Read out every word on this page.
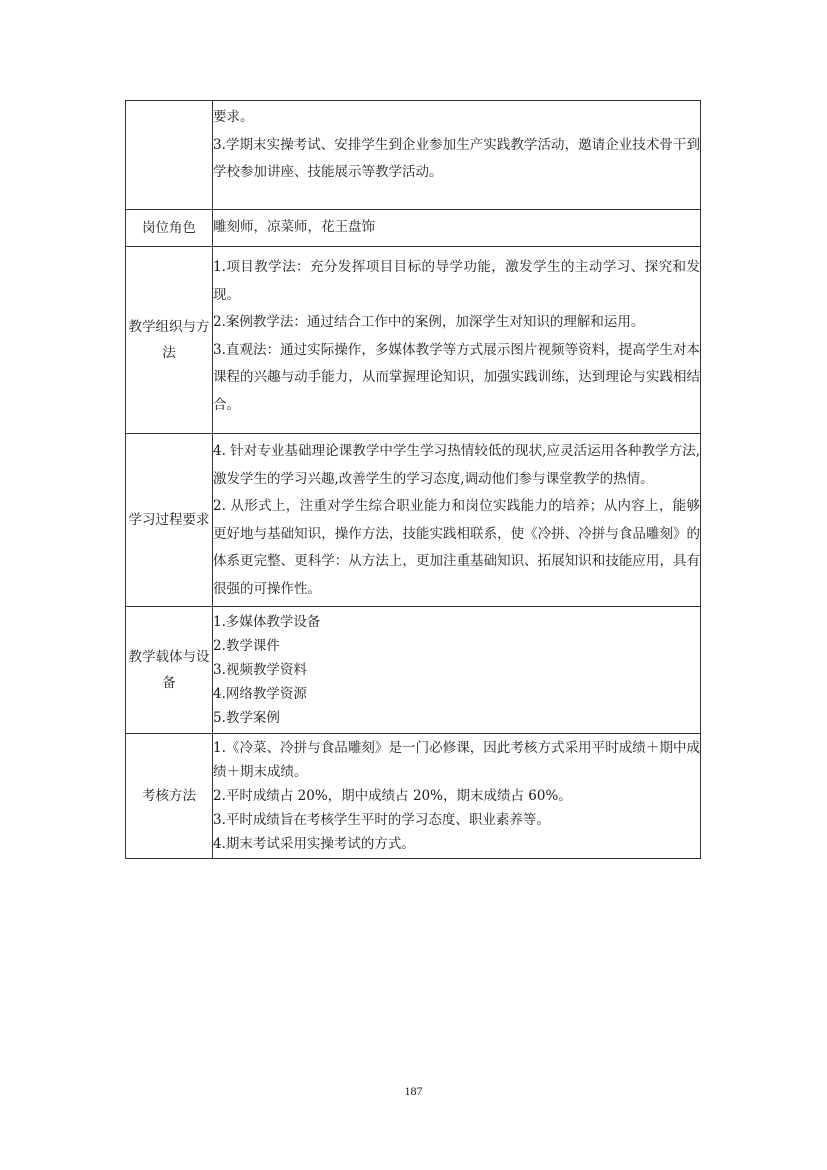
	要求。

3.学期末实操考试、安排学生到企业参加生产实践教学活动，邀请企业技术骨干到学校参加讲座、技能展示等教学活动。

岗位角色	雕刻师，凉菜师，花王盘饰

教学组织与方法	1.项目教学法：充分发挥项目目标的导学功能，激发学生的主动学习、探究和发现。

2.案例教学法：通过结合工作中的案例，加深学生对知识的理解和运用。

3.直观法：通过实际操作，多媒体教学等方式展示图片视频等资料，提高学生对本课程的兴趣与动手能力，从而掌握理论知识，加强实践训练，达到理论与实践相结合。

学习过程要求	4. 针对专业基础理论课教学中学生学习热情较低的现状,应灵活运用各种教学方法,激发学生的学习兴趣,改善学生的学习态度,调动他们参与课堂教学的热情。

2. 从形式上，注重对学生综合职业能力和岗位实践能力的培养；从内容上，能够更好地与基础知识，操作方法，技能实践相联系，使《冷拼、冷拼与食品雕刻》的体系更完整、更科学：从方法上，更加注重基础知识、拓展知识和技能应用，具有很强的可操作性。

教学载体与设备	1.多媒体教学设备

2.教学课件

3.视频教学资料

4.网络教学资源

5.教学案例

考核方法	1.《冷菜、冷拼与食品雕刻》是一门必修课，因此考核方式采用平时成绩＋期中成绩＋期末成绩。

2.平时成绩占 20%，期中成绩占 20%，期末成绩占 60%。

3.平时成绩旨在考核学生平时的学习态度、职业素养等。

4.期末考试采用实操考试的方式。

187
